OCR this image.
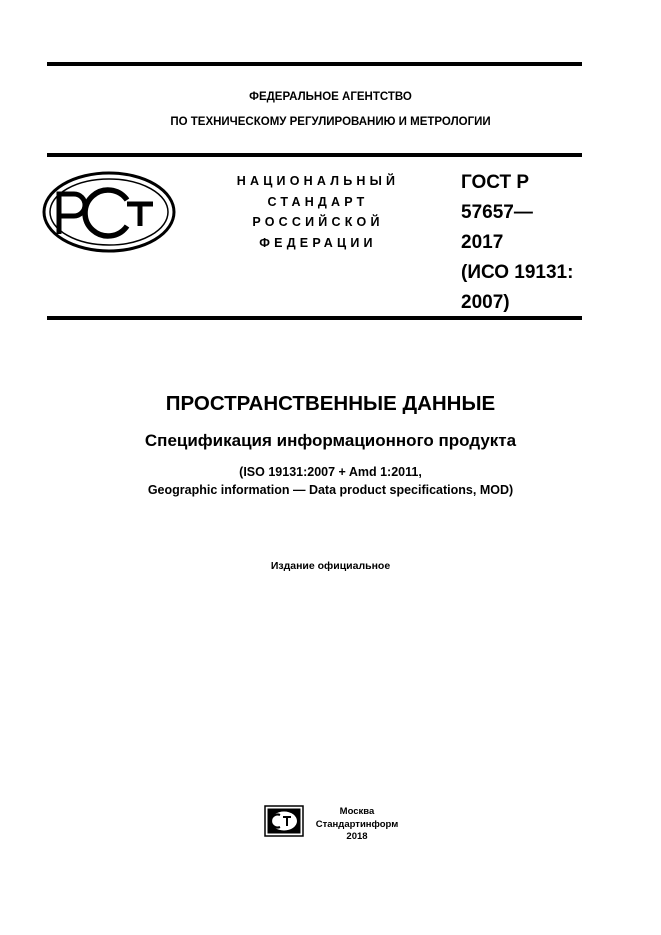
ФЕДЕРАЛЬНОЕ АГЕНТСТВО
ПО ТЕХНИЧЕСКОМУ РЕГУЛИРОВАНИЮ И МЕТРОЛОГИИ
НАЦИОНАЛЬНЫЙ
СТАНДАРТ
РОССИЙСКОЙ
ФЕДЕРАЦИИ
ГОСТ Р
57657—
2017
(ИСО 19131:
2007)
ПРОСТРАНСТВЕННЫЕ ДАННЫЕ
Спецификация информационного продукта
(ISO 19131:2007 + Amd 1:2011,
Geographic information — Data product specifications, MOD)
Издание официальное
Москва
Стандартинформ
2018
